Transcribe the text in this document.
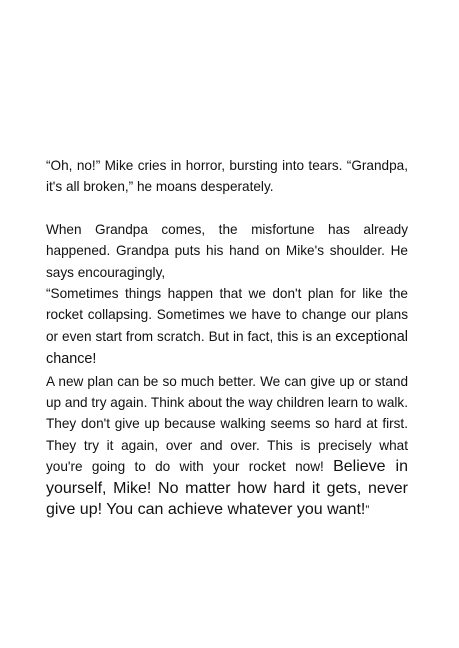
“Oh, no!” Mike cries in horror, bursting into tears. “Grandpa, it's all broken,” he moans desperately.

When Grandpa comes, the misfortune has already happened. Grandpa puts his hand on Mike's shoulder. He says encouragingly,

“Sometimes things happen that we don't plan for like the rocket collapsing. Sometimes we have to change our plans or even start from scratch. But in fact, this is an exceptional chance!

A new plan can be so much better. We can give up or stand up and try again. Think about the way children learn to walk. They don't give up because walking seems so hard at first. They try it again, over and over. This is precisely what you're going to do with your rocket now! Believe in yourself, Mike! No matter how hard it gets, never give up! You can achieve whatever you want!”
